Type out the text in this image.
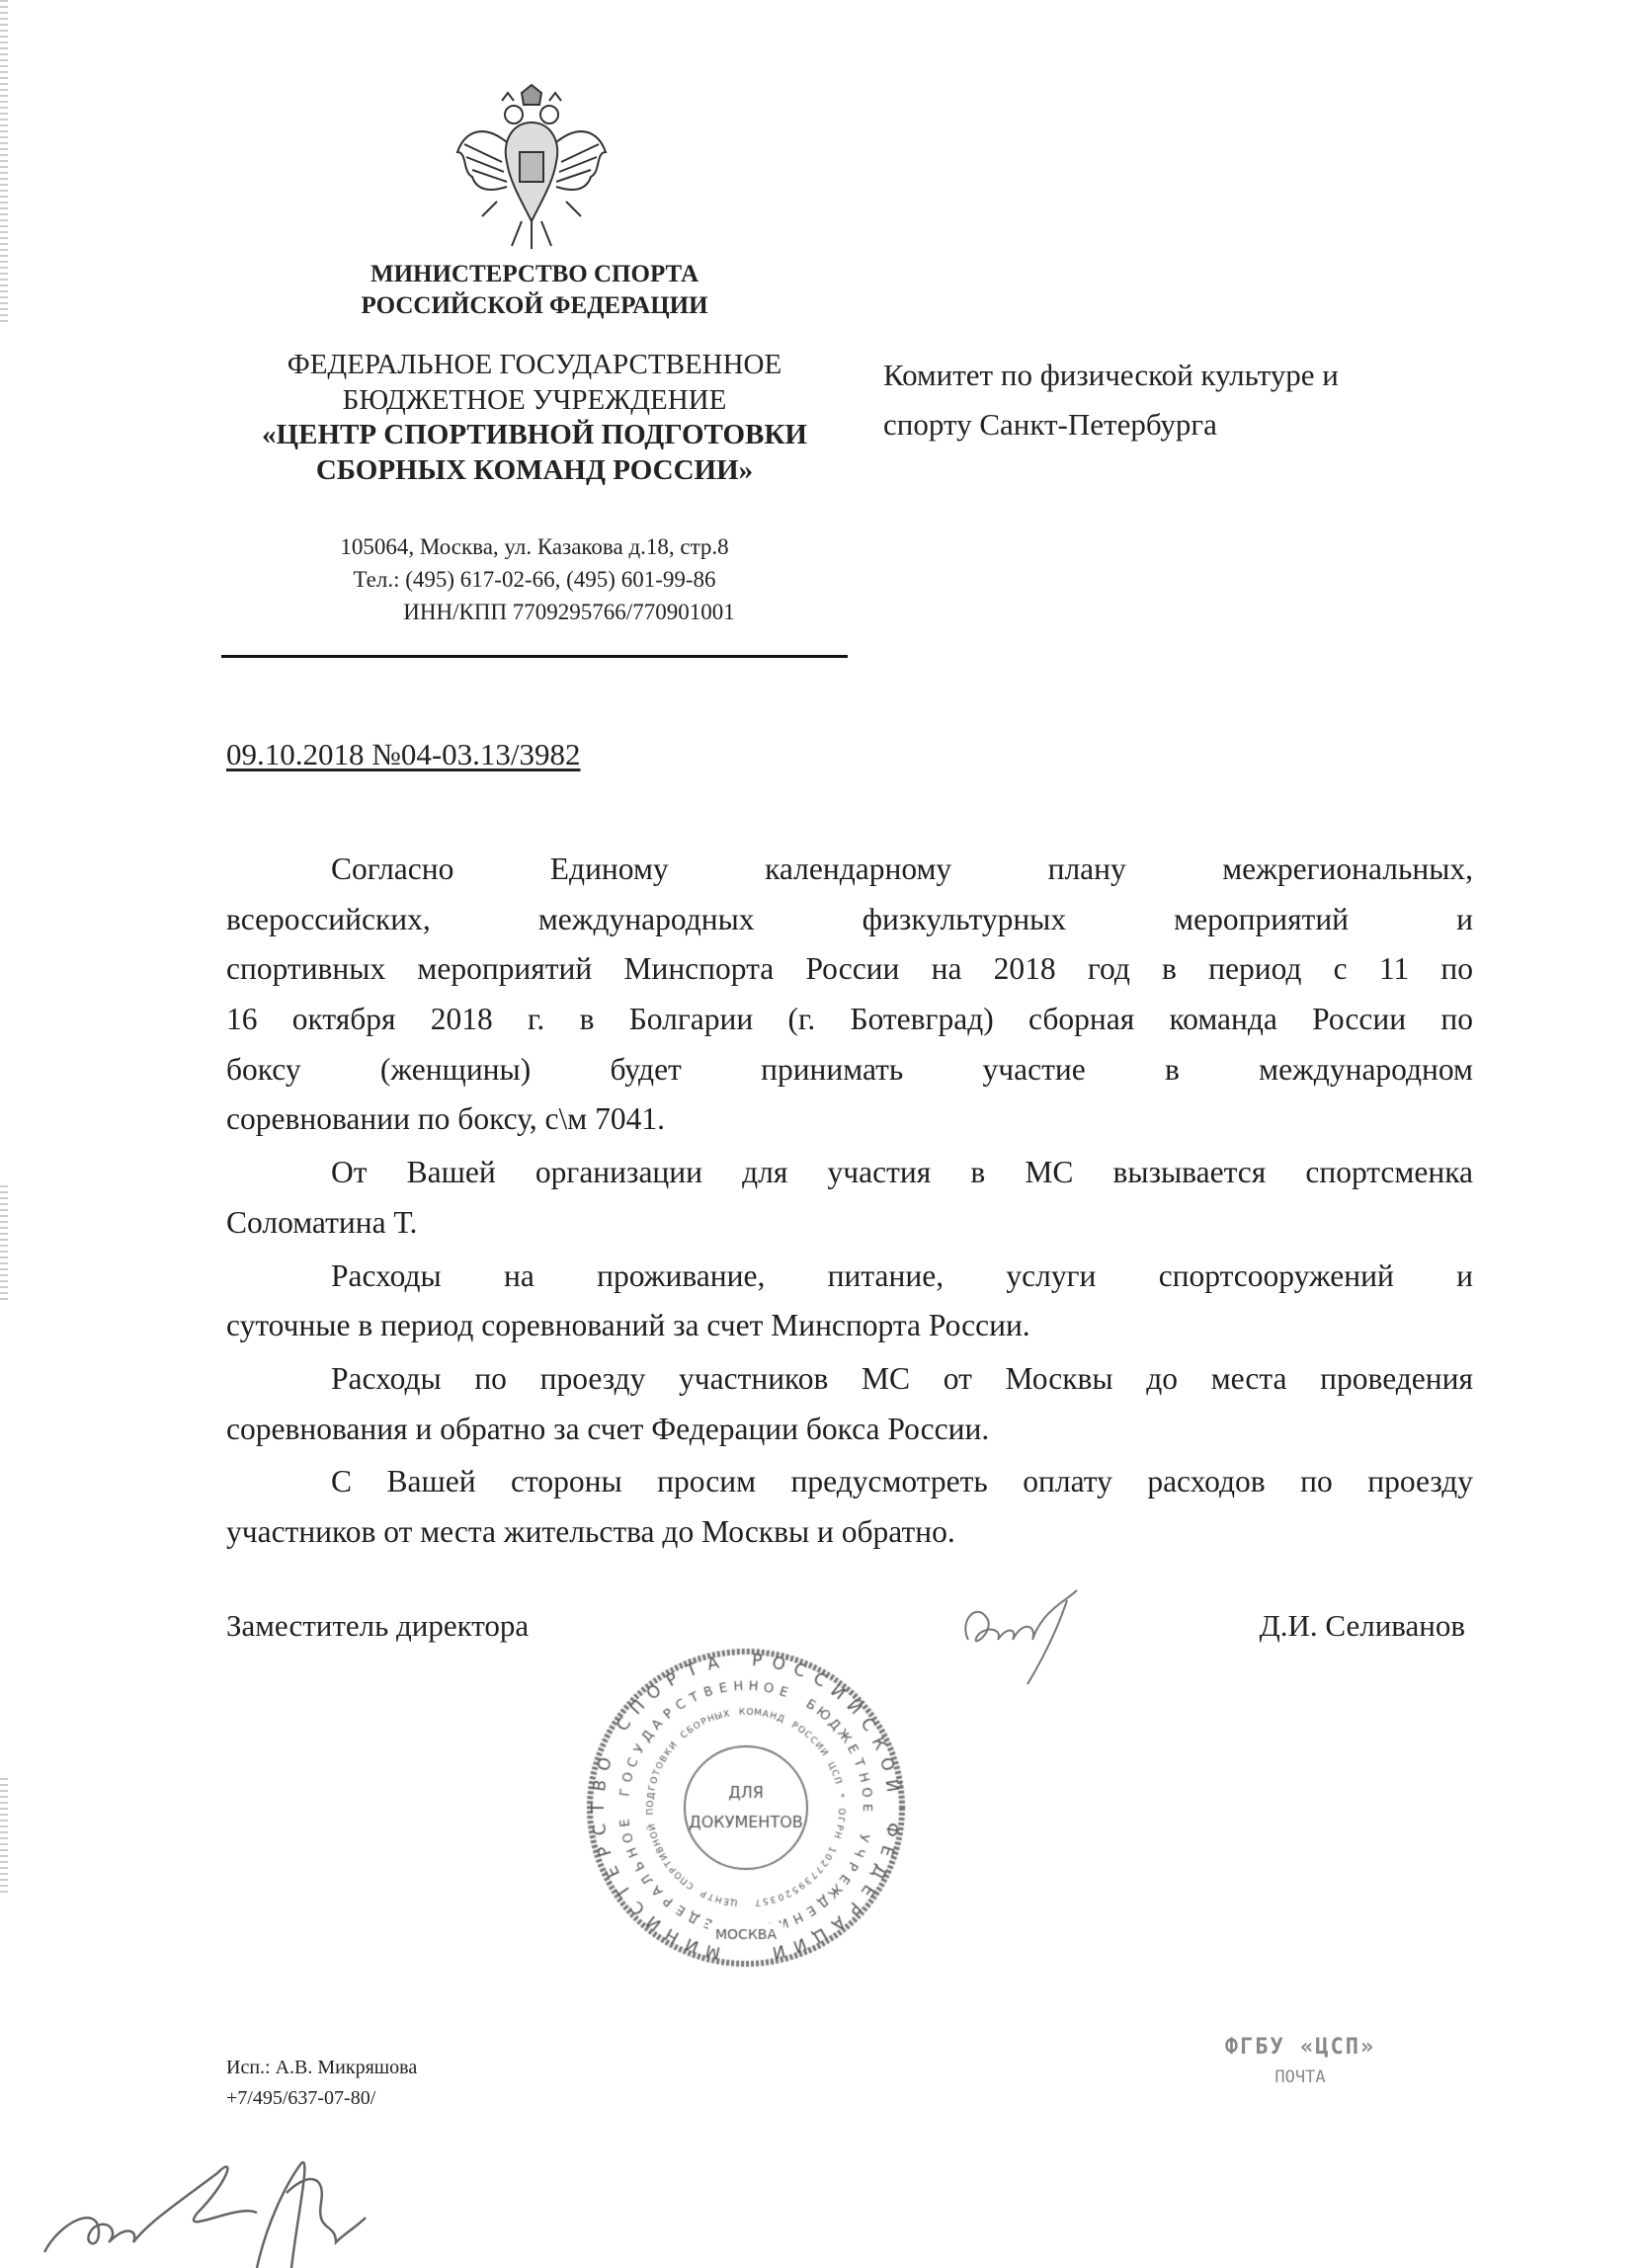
МИНИСТЕРСТВО СПОРТА
РОССИЙСКОЙ ФЕДЕРАЦИИ
ФЕДЕРАЛЬНОЕ ГОСУДАРСТВЕННОЕ
БЮДЖЕТНОЕ УЧРЕЖДЕНИЕ
«ЦЕНТР СПОРТИВНОЙ ПОДГОТОВКИ
СБОРНЫХ КОМАНД РОССИИ»
105064, Москва, ул. Казакова д.18, стр.8
Тел.: (495) 617-02-66, (495) 601-99-86
ИНН/КПП 7709295766/770901001
Комитет по физической культуре и
спорту Санкт-Петербурга
09.10.2018 №04-03.13/3982
Согласно Единому календарному плану межрегиональных,
всероссийских, международных физкультурных мероприятий и
спортивных мероприятий Минспорта России на 2018 год в период с 11 по
16 октября 2018 г. в Болгарии (г. Ботевград) сборная команда России по
боксу (женщины) будет принимать участие в международном
соревновании по боксу, с\м 7041.
От Вашей организации для участия в МС вызывается спортсменка
Соломатина Т.
Расходы на проживание, питание, услуги спортсооружений и
суточные в период соревнований за счет Минспорта России.
Расходы по проезду участников МС от Москвы до места проведения
соревнования и обратно за счет Федерации бокса России.
С Вашей стороны просим предусмотреть оплату расходов по проезду
участников от места жительства до Москвы и обратно.
Заместитель директора	Д.И. Селиванов
Исп.: А.В. Микряшова
+7/495/637-07-80/
ФГБУ «ЦСП»
ПОЧТА
